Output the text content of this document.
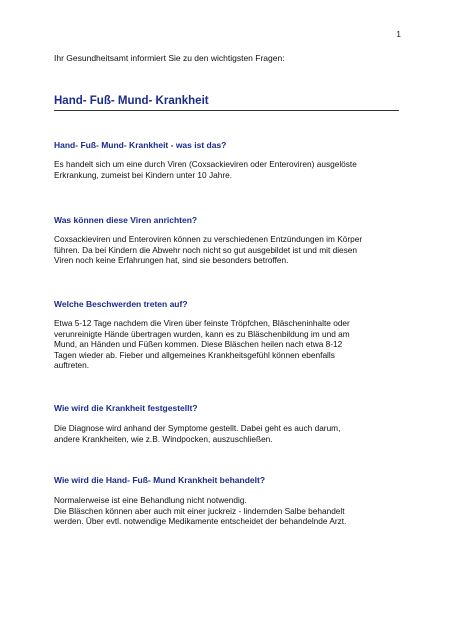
1
Ihr Gesundheitsamt informiert Sie zu den wichtigsten Fragen:
Hand- Fuß- Mund- Krankheit
Hand- Fuß- Mund- Krankheit - was ist das?
Es handelt sich um eine durch Viren (Coxsackieviren oder Enteroviren) ausgelöste
Erkrankung, zumeist bei Kindern unter 10 Jahre.
Was können diese Viren anrichten?
Coxsackieviren und Enteroviren können zu verschiedenen Entzündungen im Körper
führen. Da bei Kindern die Abwehr noch nicht so gut ausgebildet ist und mit diesen
Viren noch keine Erfahrungen hat, sind sie besonders betroffen.
Welche Beschwerden treten auf?
Etwa 5-12 Tage nachdem die Viren über feinste Tröpfchen, Bläscheninhalte oder
verunreinigte Hände übertragen wurden, kann es zu Bläschenbildung im und am
Mund, an Händen und Füßen kommen. Diese Bläschen heilen nach etwa 8-12
Tagen wieder ab. Fieber und allgemeines Krankheitsgefühl können ebenfalls
auftreten.
Wie wird die Krankheit festgestellt?
Die Diagnose wird anhand der Symptome gestellt. Dabei geht es auch darum,
andere Krankheiten, wie z.B. Windpocken, auszuschließen.
Wie wird die Hand- Fuß- Mund Krankheit behandelt?
Normalerweise ist eine Behandlung nicht notwendig.
Die Bläschen können aber auch mit einer juckreiz - lindernden Salbe behandelt
werden. Über evtl. notwendige Medikamente entscheidet der behandelnde Arzt.
